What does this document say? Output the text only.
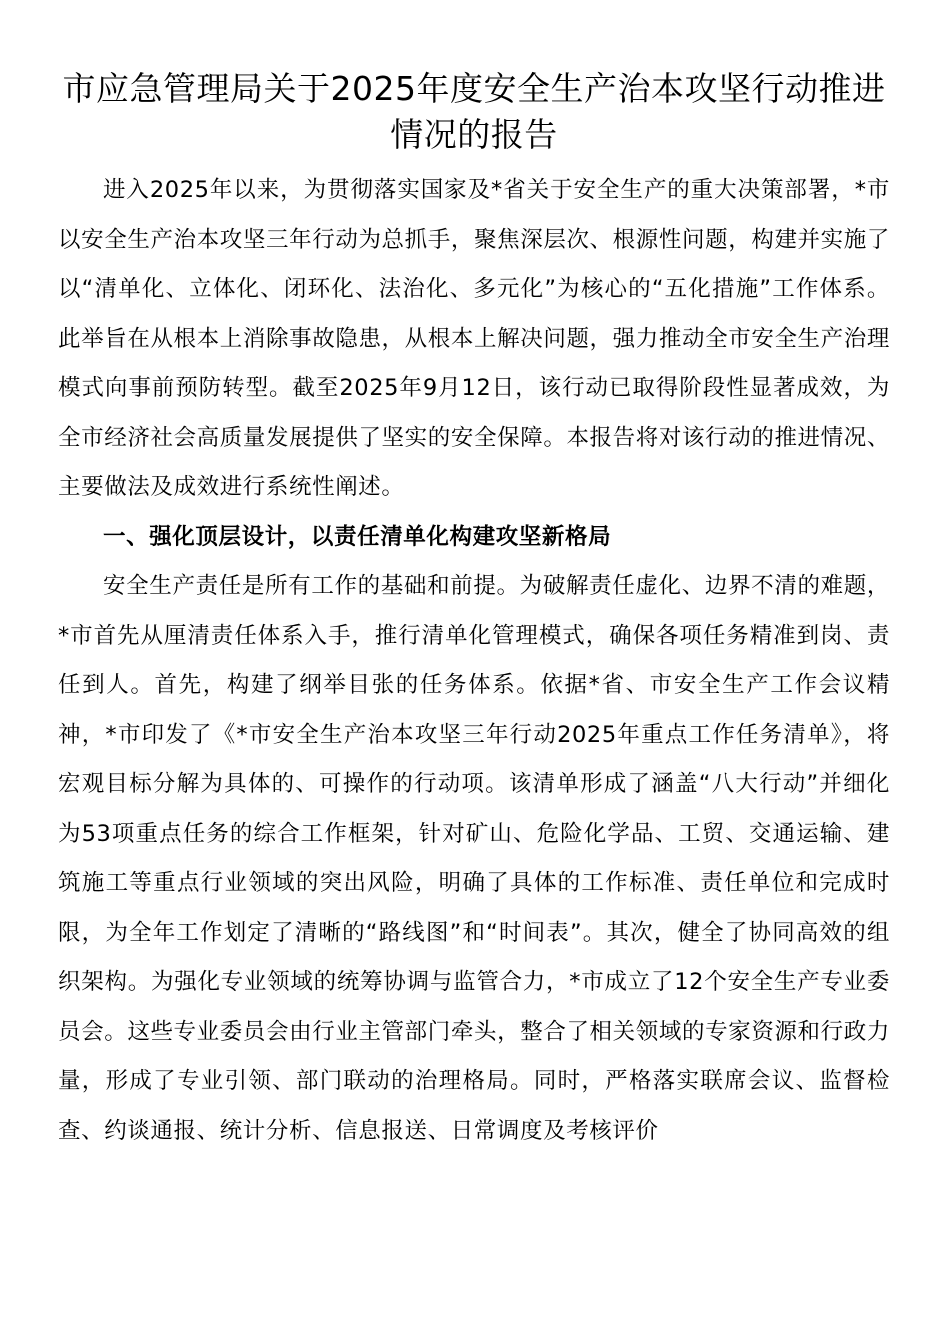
市应急管理局关于2025年度安全生产治本攻坚行动推进情况的报告

进入2025年以来，为贯彻落实国家及*省关于安全生产的重大决策部署，*市以安全生产治本攻坚三年行动为总抓手，聚焦深层次、根源性问题，构建并实施了以“清单化、立体化、闭环化、法治化、多元化”为核心的“五化措施”工作体系。此举旨在从根本上消除事故隐患，从根本上解决问题，强力推动全市安全生产治理模式向事前预防转型。截至2025年9月12日，该行动已取得阶段性显著成效，为全市经济社会高质量发展提供了坚实的安全保障。本报告将对该行动的推进情况、主要做法及成效进行系统性阐述。

一、强化顶层设计，以责任清单化构建攻坚新格局

安全生产责任是所有工作的基础和前提。为破解责任虚化、边界不清的难题，*市首先从厘清责任体系入手，推行清单化管理模式，确保各项任务精准到岗、责任到人。首先，构建了纲举目张的任务体系。依据*省、市安全生产工作会议精神，*市印发了《*市安全生产治本攻坚三年行动2025年重点工作任务清单》，将宏观目标分解为具体的、可操作的行动项。该清单形成了涵盖“八大行动”并细化为53项重点任务的综合工作框架，针对矿山、危险化学品、工贸、交通运输、建筑施工等重点行业领域的突出风险，明确了具体的工作标准、责任单位和完成时限，为全年工作划定了清晰的“路线图”和“时间表”。其次，健全了协同高效的组织架构。为强化专业领域的统筹协调与监管合力，*市成立了12个安全生产专业委员会。这些专业委员会由行业主管部门牵头，整合了相关领域的专家资源和行政力量，形成了专业引领、部门联动的治理格局。同时，严格落实联席会议、监督检查、约谈通报、统计分析、信息报送、日常调度及考核评价
